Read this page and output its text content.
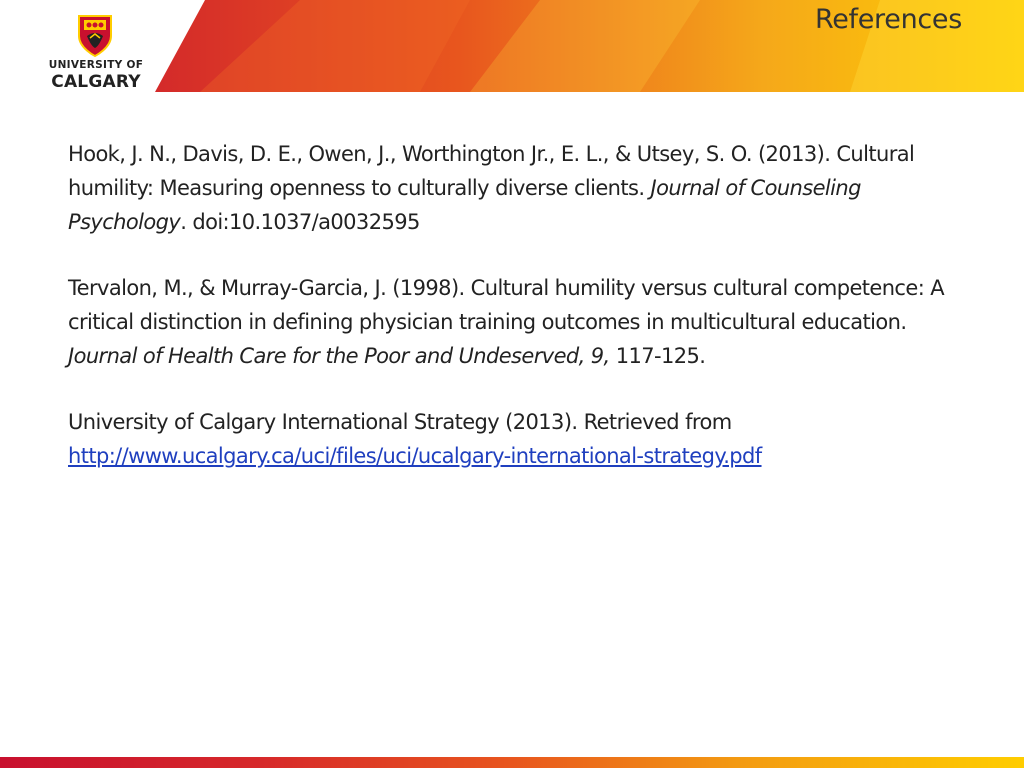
UNIVERSITY OF
CALGARY
References

Hook, J. N., Davis, D. E., Owen, J., Worthington Jr., E. L., & Utsey, S. O. (2013). Cultural humility: Measuring openness to culturally diverse clients. Journal of Counseling Psychology. doi:10.1037/a0032595

Tervalon, M., & Murray-Garcia, J. (1998). Cultural humility versus cultural competence: A critical distinction in defining physician training outcomes in multicultural education. Journal of Health Care for the Poor and Undeserved, 9, 117-125.

University of Calgary International Strategy (2013). Retrieved from http://www.ucalgary.ca/uci/files/uci/ucalgary-international-strategy.pdf
